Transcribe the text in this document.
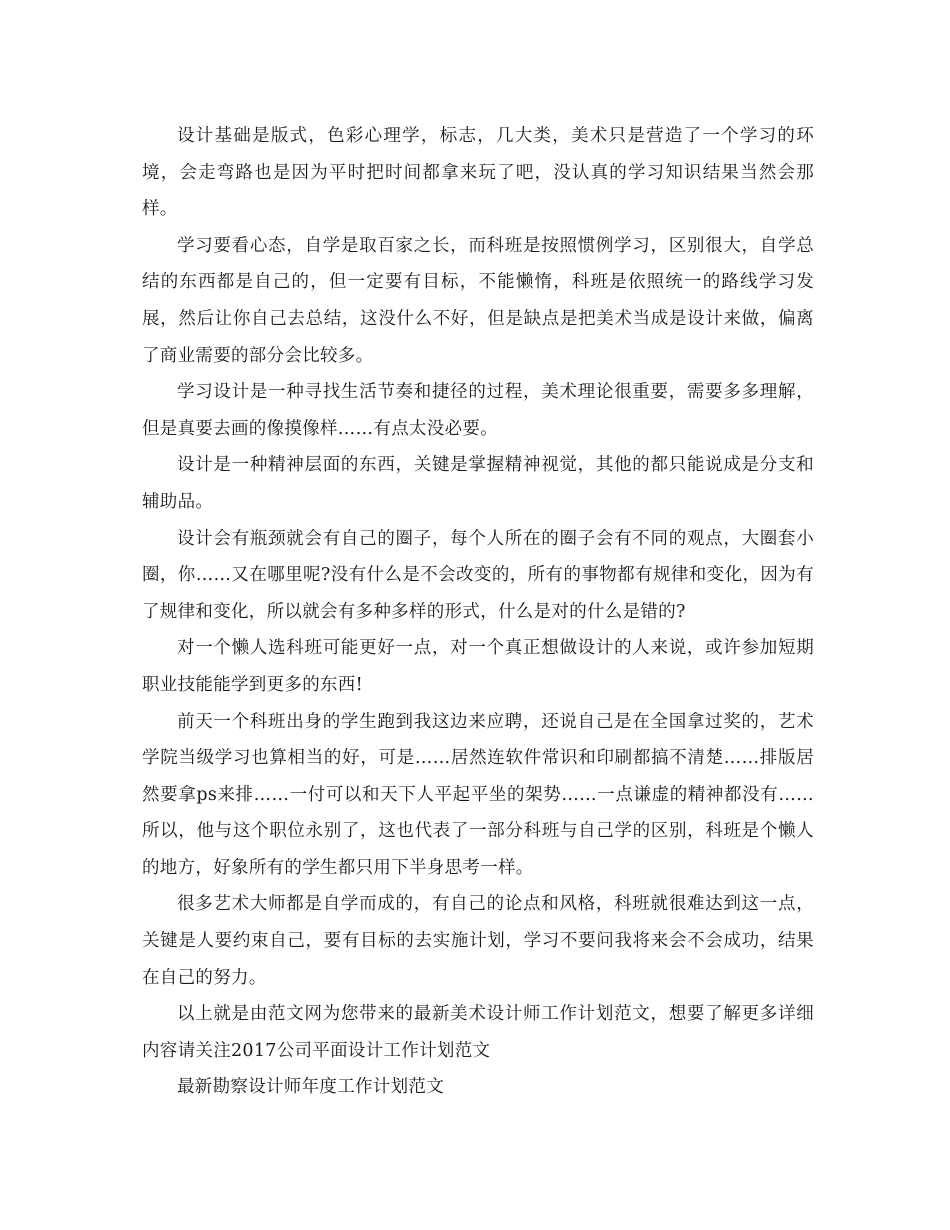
设计基础是版式，色彩心理学，标志，几大类，美术只是营造了一个学习的环境，会走弯路也是因为平时把时间都拿来玩了吧，没认真的学习知识结果当然会那样。

学习要看心态，自学是取百家之长，而科班是按照惯例学习，区别很大，自学总结的东西都是自己的，但一定要有目标，不能懒惰，科班是依照统一的路线学习发展，然后让你自己去总结，这没什么不好，但是缺点是把美术当成是设计来做，偏离了商业需要的部分会比较多。

学习设计是一种寻找生活节奏和捷径的过程，美术理论很重要，需要多多理解，但是真要去画的像摸像样……有点太没必要。

设计是一种精神层面的东西，关键是掌握精神视觉，其他的都只能说成是分支和辅助品。

设计会有瓶颈就会有自己的圈子，每个人所在的圈子会有不同的观点，大圈套小圈，你……又在哪里呢?没有什么是不会改变的，所有的事物都有规律和变化，因为有了规律和变化，所以就会有多种多样的形式，什么是对的什么是错的?

对一个懒人选科班可能更好一点，对一个真正想做设计的人来说，或许参加短期职业技能能学到更多的东西!

前天一个科班出身的学生跑到我这边来应聘，还说自己是在全国拿过奖的，艺术学院当级学习也算相当的好，可是……居然连软件常识和印刷都搞不清楚……排版居然要拿ps来排……一付可以和天下人平起平坐的架势……一点谦虚的精神都没有……所以，他与这个职位永别了，这也代表了一部分科班与自己学的区别，科班是个懒人的地方，好象所有的学生都只用下半身思考一样。

很多艺术大师都是自学而成的，有自己的论点和风格，科班就很难达到这一点，关键是人要约束自己，要有目标的去实施计划，学习不要问我将来会不会成功，结果在自己的努力。

以上就是由范文网为您带来的最新美术设计师工作计划范文，想要了解更多详细内容请关注2017公司平面设计工作计划范文

最新勘察设计师年度工作计划范文
